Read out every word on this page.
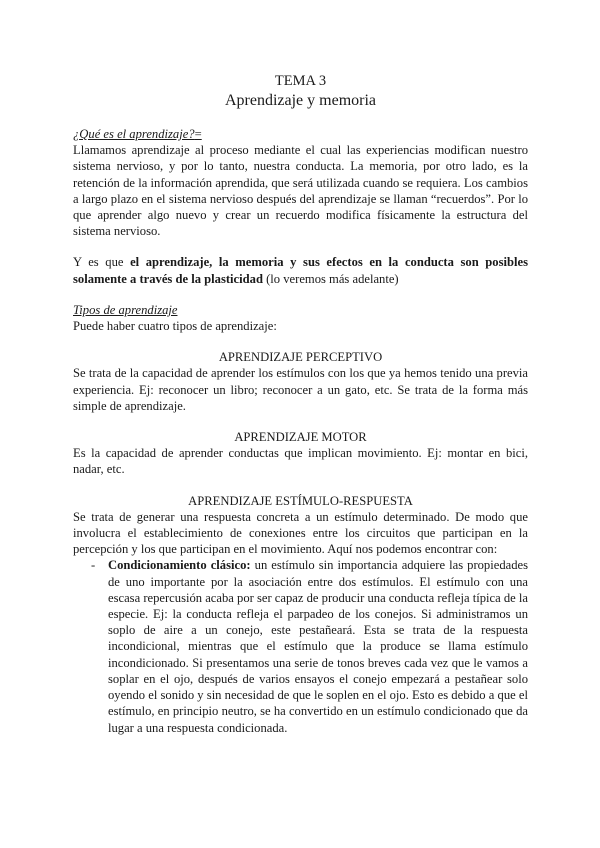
TEMA 3
Aprendizaje y memoria

¿Qué es el aprendizaje?=

Llamamos aprendizaje al proceso mediante el cual las experiencias modifican nuestro sistema nervioso, y por lo tanto, nuestra conducta. La memoria, por otro lado, es la retención de la información aprendida, que será utilizada cuando se requiera. Los cambios a largo plazo en el sistema nervioso después del aprendizaje se llaman “recuerdos”. Por lo que aprender algo nuevo y crear un recuerdo modifica físicamente la estructura del sistema nervioso.

Y es que el aprendizaje, la memoria y sus efectos en la conducta son posibles solamente a través de la plasticidad (lo veremos más adelante)

Tipos de aprendizaje

Puede haber cuatro tipos de aprendizaje:

APRENDIZAJE PERCEPTIVO

Se trata de la capacidad de aprender los estímulos con los que ya hemos tenido una previa experiencia. Ej: reconocer un libro; reconocer a un gato, etc. Se trata de la forma más simple de aprendizaje.

APRENDIZAJE MOTOR

Es la capacidad de aprender conductas que implican movimiento. Ej: montar en bici, nadar, etc.

APRENDIZAJE ESTÍMULO-RESPUESTA

Se trata de generar una respuesta concreta a un estímulo determinado. De modo que involucra el establecimiento de conexiones entre los circuitos que participan en la percepción y los que participan en el movimiento. Aquí nos podemos encontrar con:

- Condicionamiento clásico: un estímulo sin importancia adquiere las propiedades de uno importante por la asociación entre dos estímulos. El estímulo con una escasa repercusión acaba por ser capaz de producir una conducta refleja típica de la especie. Ej: la conducta refleja el parpadeo de los conejos. Si administramos un soplo de aire a un conejo, este pestañeará. Esta se trata de la respuesta incondicional, mientras que el estímulo que la produce se llama estímulo incondicionado. Si presentamos una serie de tonos breves cada vez que le vamos a soplar en el ojo, después de varios ensayos el conejo empezará a pestañear solo oyendo el sonido y sin necesidad de que le soplen en el ojo. Esto es debido a que el estímulo, en principio neutro, se ha convertido en un estímulo condicionado que da lugar a una respuesta condicionada.
